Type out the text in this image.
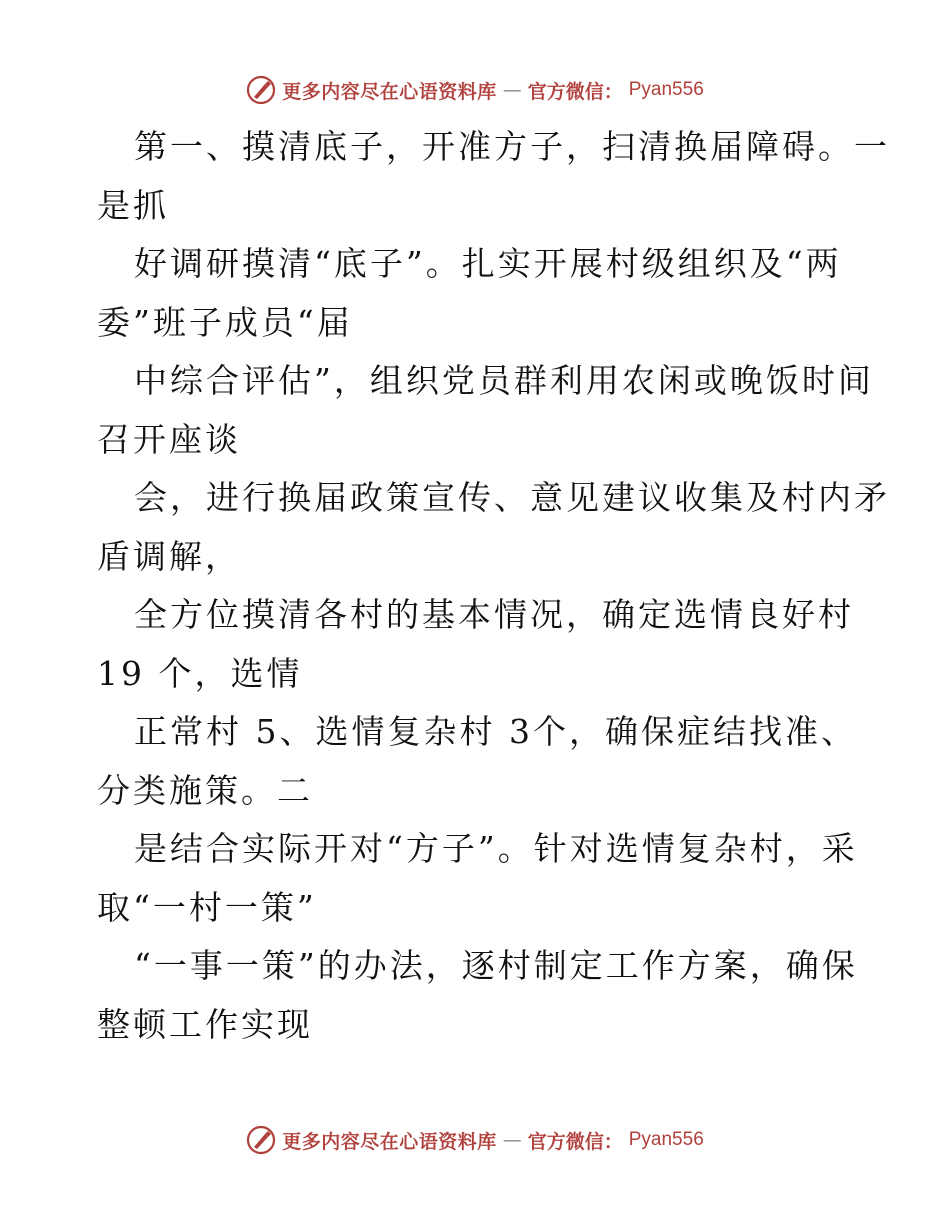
更多内容尽在心语资料库 — 官方微信： Pyan556
第一、摸清底子，开准方子，扫清换届障碍。一
是抓
好调研摸清“底子”。扎实开展村级组织及“两
委”班子成员“届
中综合评估”，组织党员群利用农闲或晚饭时间
召开座谈
会，进行换届政策宣传、意见建议收集及村内矛
盾调解，
全方位摸清各村的基本情况，确定选情良好村
19 个，选情
正常村 5、选情复杂村 3个，确保症结找准、
分类施策。二
是结合实际开对“方子”。针对选情复杂村，采
取“一村一策”
“一事一策”的办法，逐村制定工作方案，确保
整顿工作实现
更多内容尽在心语资料库 — 官方微信： Pyan556
